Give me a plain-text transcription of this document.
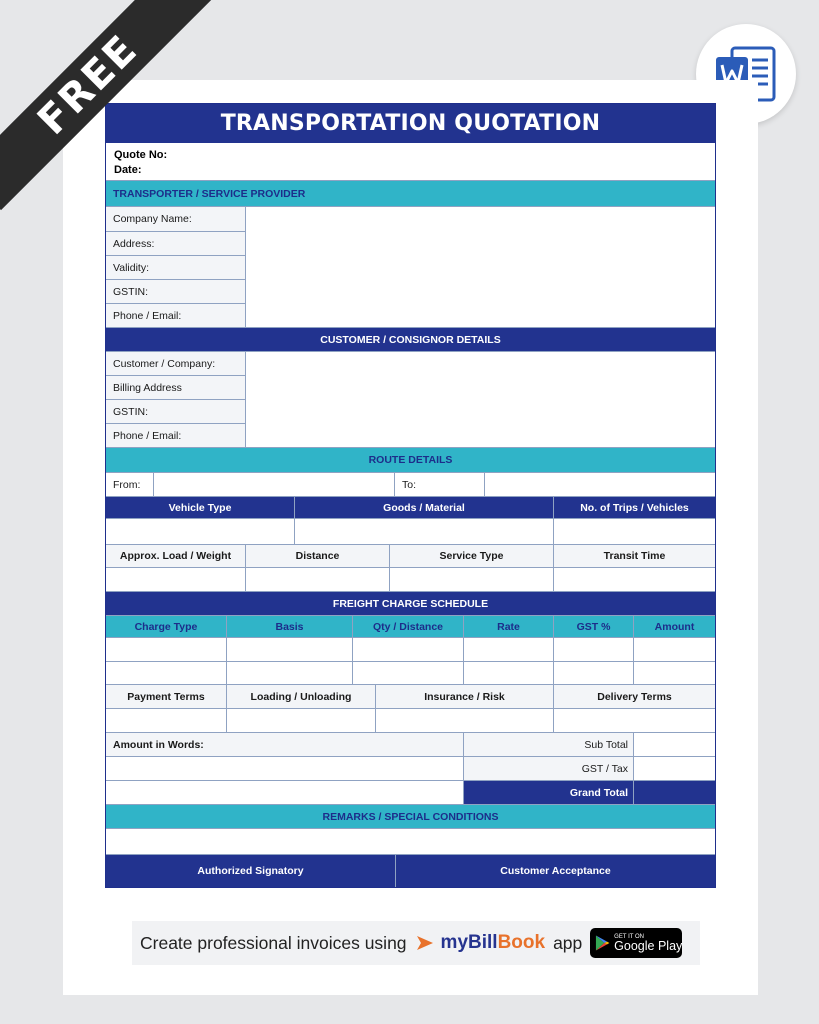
FREE	TRANSPORTATION QUOTATION
Quote No:
Date:
TRANSPORTER / SERVICE PROVIDER
Company Name:
Address:
Validity:
GSTIN:
Phone / Email:
CUSTOMER / CONSIGNOR DETAILS
Customer / Company:
Billing Address
GSTIN:
Phone / Email:
ROUTE DETAILS
From:	To:
Vehicle Type	Goods / Material	No. of Trips / Vehicles
Approx. Load / Weight	Distance	Service Type	Transit Time
FREIGHT CHARGE SCHEDULE
Charge Type	Basis	Qty / Distance	Rate	GST %	Amount
Payment Terms	Loading / Unloading	Insurance / Risk	Delivery Terms
Amount in Words:	Sub Total
GST / Tax
Grand Total
REMARKS / SPECIAL CONDITIONS
Authorized Signatory	Customer Acceptance
Create professional invoices using myBillBook app	GET IT ON
Google Play
